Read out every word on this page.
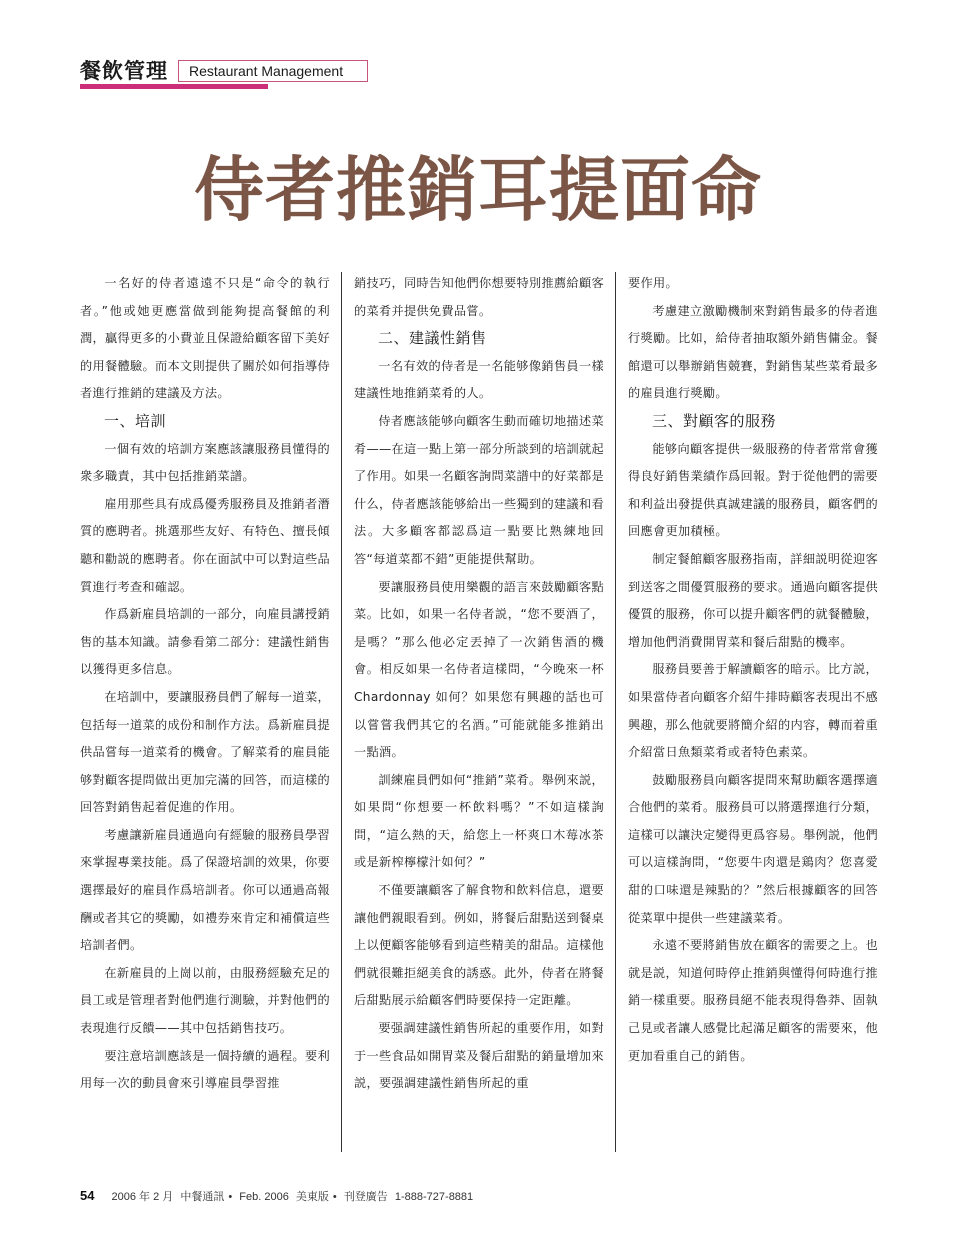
餐飲管理	Restaurant Management
侍者推銷耳提面命

一名好的侍者遠遠不只是“命令的執行者。”他或她更應當做到能夠提高餐館的利潤，贏得更多的小費並且保證給顧客留下美好的用餐體驗。而本文則提供了關於如何指導侍者進行推銷的建議及方法。

一、培訓

一個有效的培訓方案應該讓服務員懂得的衆多職責，其中包括推銷菜譜。

雇用那些具有成爲優秀服務員及推銷者潛質的應聘者。挑選那些友好、有特色、擅長傾聽和勸説的應聘者。你在面試中可以對這些品質進行考查和確認。

作爲新雇員培訓的一部分，向雇員講授銷售的基本知識。請參看第二部分：建議性銷售以獲得更多信息。

在培訓中，要讓服務員們了解每一道菜，包括每一道菜的成份和制作方法。爲新雇員提供品嘗每一道菜肴的機會。了解菜肴的雇員能够對顧客提問做出更加完滿的回答，而這樣的回答對銷售起着促進的作用。

考慮讓新雇員通過向有經驗的服務員學習來掌握專業技能。爲了保證培訓的效果，你要選擇最好的雇員作爲培訓者。你可以通過高報酬或者其它的獎勵，如禮券來肯定和補償這些培訓者們。

在新雇員的上崗以前，由服務經驗充足的員工或是管理者對他們進行測驗，并對他們的表現進行反饋——其中包括銷售技巧。

要注意培訓應該是一個持續的過程。要利用每一次的動員會來引導雇員學習推

銷技巧，同時告知他們你想要特別推薦給顧客的菜肴并提供免費品嘗。

二、建議性銷售

一名有效的侍者是一名能够像銷售員一樣建議性地推銷菜肴的人。

侍者應該能够向顧客生動而確切地描述菜肴——在這一點上第一部分所談到的培訓就起了作用。如果一名顧客詢問菜譜中的好菜都是什么，侍者應該能够給出一些獨到的建議和看法。大多顧客都認爲這一點要比熟練地回答“每道菜都不錯”更能提供幫助。

要讓服務員使用樂觀的語言來鼓勵顧客點菜。比如，如果一名侍者説，“您不要酒了，是嗎？”那么他必定丟掉了一次銷售酒的機會。相反如果一名侍者這樣問，“今晚來一杯 Chardonnay 如何？如果您有興趣的話也可以嘗嘗我們其它的名酒。”可能就能多推銷出一點酒。

訓練雇員們如何“推銷”菜肴。舉例來説，如果問“你想要一杯飲料嗎？”不如這樣詢問，“這么熱的天，給您上一杯爽口木莓冰茶或是新榨檸檬汁如何？”

不僅要讓顧客了解食物和飲料信息，還要讓他們親眼看到。例如，將餐后甜點送到餐桌上以便顧客能够看到這些精美的甜品。這樣他們就很難拒絕美食的誘惑。此外，侍者在將餐后甜點展示給顧客們時要保持一定距離。

要强調建議性銷售所起的重要作用，如對于一些食品如開胃菜及餐后甜點的銷量增加來説，要强調建議性銷售所起的重

要作用。

考慮建立激勵機制來對銷售最多的侍者進行獎勵。比如，給侍者抽取額外銷售傭金。餐館還可以舉辦銷售競賽，對銷售某些菜肴最多的雇員進行獎勵。

三、對顧客的服務

能够向顧客提供一級服務的侍者常常會獲得良好銷售業績作爲回報。對于從他們的需要和利益出發提供真誠建議的服務員，顧客們的回應會更加積極。

制定餐館顧客服務指南，詳細説明從迎客到送客之間優質服務的要求。通過向顧客提供優質的服務，你可以提升顧客們的就餐體驗，增加他們消費開胃菜和餐后甜點的機率。

服務員要善于解讀顧客的暗示。比方説，如果當侍者向顧客介紹牛排時顧客表現出不感興趣，那么他就要將簡介紹的内容，轉而着重介紹當日魚類菜肴或者特色素菜。

鼓勵服務員向顧客提問來幫助顧客選擇適合他們的菜肴。服務員可以將選擇進行分類，這樣可以讓決定變得更爲容易。舉例説，他們可以這樣詢問，“您要牛肉還是鶏肉？您喜愛甜的口味還是辣點的？”然后根據顧客的回答從菜單中提供一些建議菜肴。

永遠不要將銷售放在顧客的需要之上。也就是説，知道何時停止推銷與懂得何時進行推銷一樣重要。服務員絕不能表現得魯莽、固執己見或者讓人感覺比起滿足顧客的需要來，他更加看重自己的銷售。

54 2006 年 2 月 中餐通訊 • Feb. 2006 美東版 • 刊登廣告 1-888-727-8881
